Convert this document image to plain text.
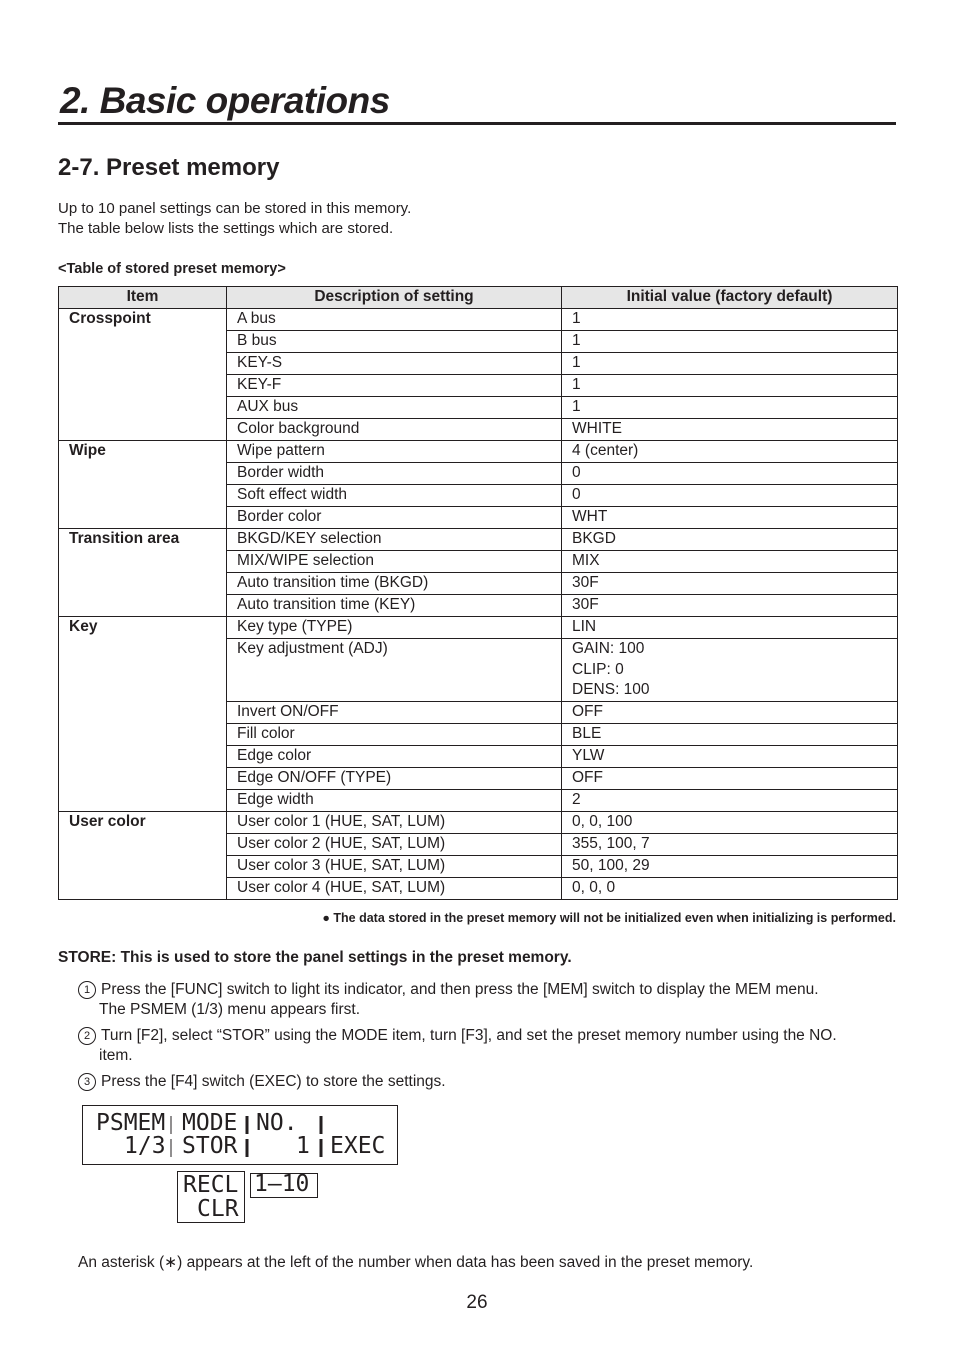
2. Basic operations
2-7. Preset memory
Up to 10 panel settings can be stored in this memory.
The table below lists the settings which are stored.
<Table of stored preset memory>
Item	Description of setting	Initial value (factory default)
Crosspoint	A bus	1
	B bus	1
	KEY-S	1
	KEY-F	1
	AUX bus	1
	Color background	WHITE
Wipe	Wipe pattern	4 (center)
	Border width	0
	Soft effect width	0
	Border color	WHT
Transition area	BKGD/KEY selection	BKGD
	MIX/WIPE selection	MIX
	Auto transition time (BKGD)	30F
	Auto transition time (KEY)	30F
Key	Key type (TYPE)	LIN
	Key adjustment (ADJ)	GAIN: 100
CLIP: 0
DENS: 100
	Invert ON/OFF	OFF
	Fill color	BLE
	Edge color	YLW
	Edge ON/OFF (TYPE)	OFF
	Edge width	2
User color	User color 1 (HUE, SAT, LUM)	0, 0, 100
	User color 2 (HUE, SAT, LUM)	355, 100, 7
	User color 3 (HUE, SAT, LUM)	50, 100, 29
	User color 4 (HUE, SAT, LUM)	0, 0, 0
● The data stored in the preset memory will not be initialized even when initializing is performed.
STORE: This is used to store the panel settings in the preset memory.
1 Press the [FUNC] switch to light its indicator, and then press the [MEM] switch to display the MEM menu.
The PSMEM (1/3) menu appears first.
2 Turn [F2], select “STOR” using the MODE item, turn [F3], and set the preset memory number using the NO.
item.
3 Press the [F4] switch (EXEC) to store the settings.
PSMEM MODE NO.
1/3 STOR	1 EXEC
RECL
CLR
1—10
An asterisk (∗) appears at the left of the number when data has been saved in the preset memory.
26
